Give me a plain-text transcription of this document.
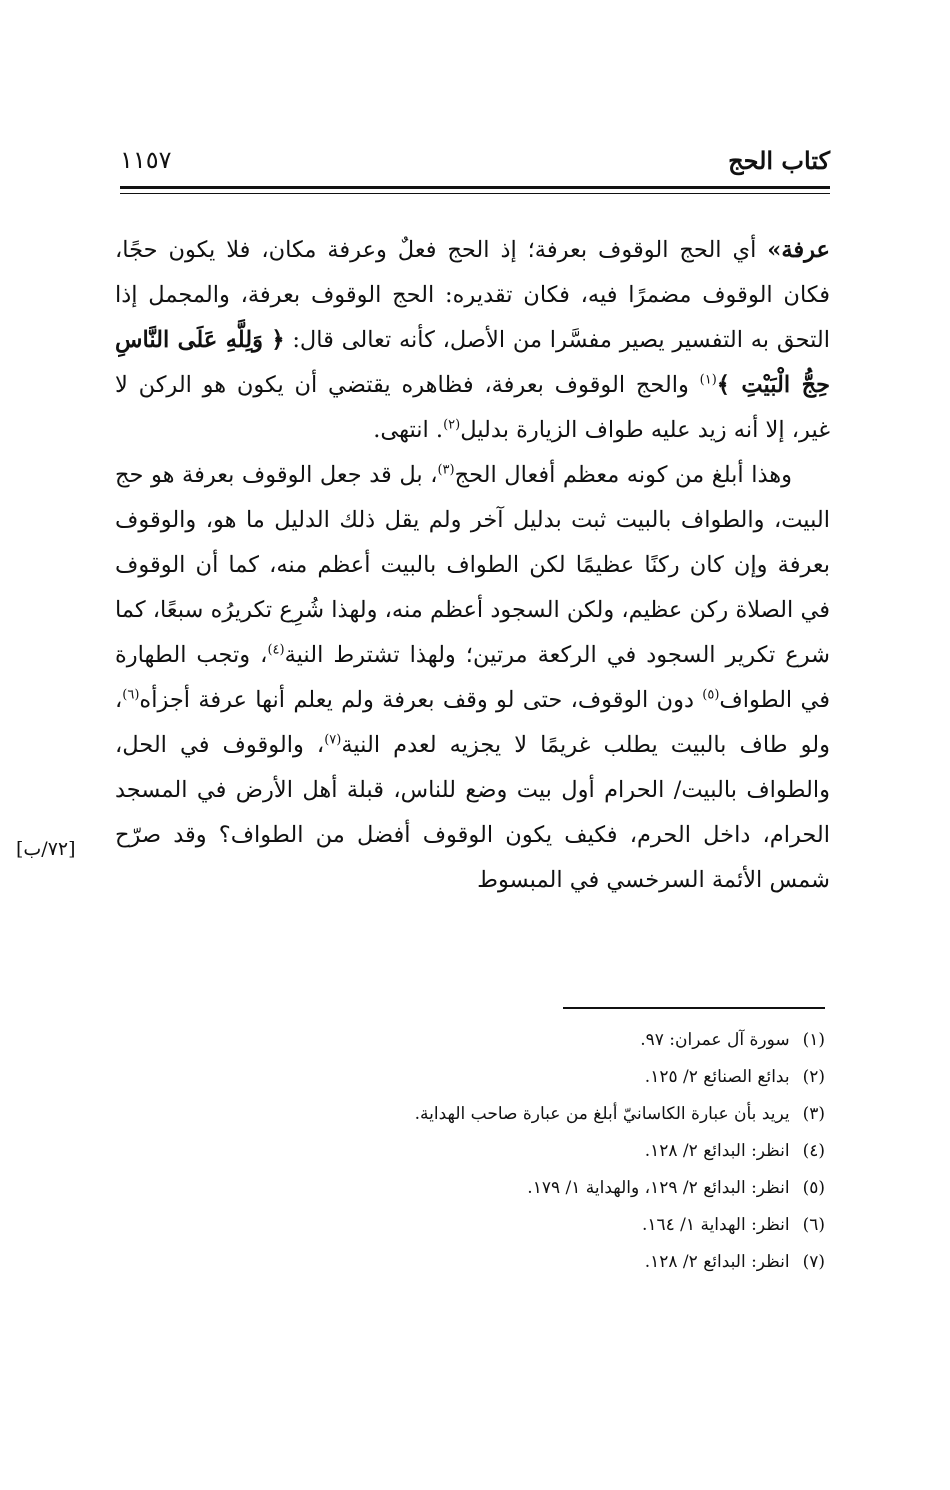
كتاب الحج
١١٥٧

عرفة» أي الحج الوقوف بعرفة؛ إذ الحج فعلٌ وعرفة مكان، فلا يكون حجًا، فكان الوقوف مضمرًا فيه، فكان تقديره: الحج الوقوف بعرفة، والمجمل إذا التحق به التفسير يصير مفسَّرا من الأصل، كأنه تعالى قال: ﴿ وَلِلَّهِ عَلَى النَّاسِ حِجُّ الْبَيْتِ ﴾$^{(١)}$ والحج الوقوف بعرفة، فظاهره يقتضي أن يكون هو الركن لا غير، إلا أنه زيد عليه طواف الزيارة بدليل$^{(٢)}$. انتهى.

وهذا أبلغ من كونه معظم أفعال الحج$^{(٣)}$، بل قد جعل الوقوف بعرفة هو حج البيت، والطواف بالبيت ثبت بدليل آخر ولم يقل ذلك الدليل ما هو، والوقوف بعرفة وإن كان ركنًا عظيمًا لكن الطواف بالبيت أعظم منه، كما أن الوقوف في الصلاة ركن عظيم، ولكن السجود أعظم منه، ولهذا شُرِع تكريرُه سبعًا، كما شرع تكرير السجود في الركعة مرتين؛ ولهذا تشترط النية$^{(٤)}$، وتجب الطهارة في الطواف$^{(٥)}$ دون الوقوف، حتى لو وقف بعرفة ولم يعلم أنها عرفة أجزأه$^{(٦)}$، ولو طاف بالبيت يطلب غريمًا لا يجزيه لعدم النية$^{(٧)}$، والوقوف في الحل، والطواف بالبيت/ الحرام أول بيت وضع للناس، قبلة أهل الأرض في المسجد الحرام، داخل الحرم، فكيف يكون الوقوف أفضل من الطواف؟ وقد صرّح شمس الأئمة السرخسي في المبسوط

[٧٢/ب]
(١) سورة آل عمران: ٩٧.
(٢) بدائع الصنائع ٢/ ١٢٥.
(٣) يريد بأن عبارة الكاسانيّ أبلغ من عبارة صاحب الهداية.
(٤) انظر: البدائع ٢/ ١٢٨.
(٥) انظر: البدائع ٢/ ١٢٩، والهداية ١/ ١٧٩.
(٦) انظر: الهداية ١/ ١٦٤.
(٧) انظر: البدائع ٢/ ١٢٨.
